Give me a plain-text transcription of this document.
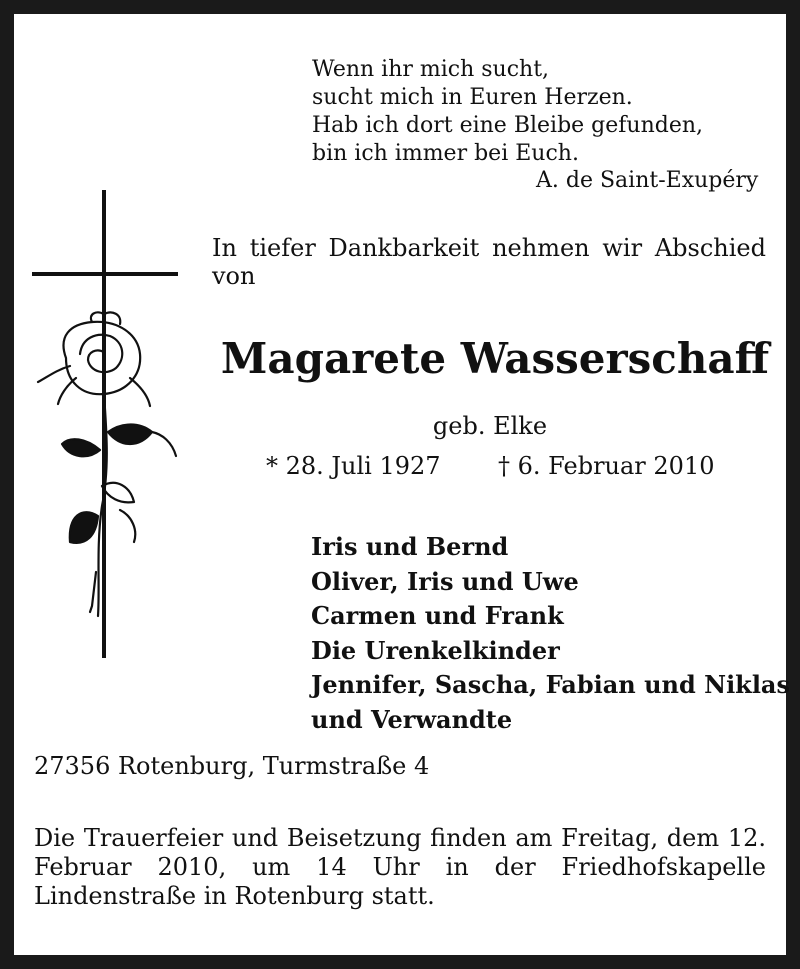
Wenn ihr mich sucht,
sucht mich in Euren Herzen.
Hab ich dort eine Bleibe gefunden,
bin ich immer bei Euch.
A. de Saint-Exupéry
In tiefer Dankbarkeit nehmen wir Abschied von
Magarete Wasserschaff
geb. Elke
* 28. Juli 1927 † 6. Februar 2010
Iris und Bernd
Oliver, Iris und Uwe
Carmen und Frank
Die Urenkelkinder
Jennifer, Sascha, Fabian und Niklas
und Verwandte
27356 Rotenburg, Turmstraße 4
Die Trauerfeier und Beisetzung finden am Freitag, dem 12. Februar 2010, um 14 Uhr in der Friedhofskapelle Lindenstraße in Rotenburg statt.
